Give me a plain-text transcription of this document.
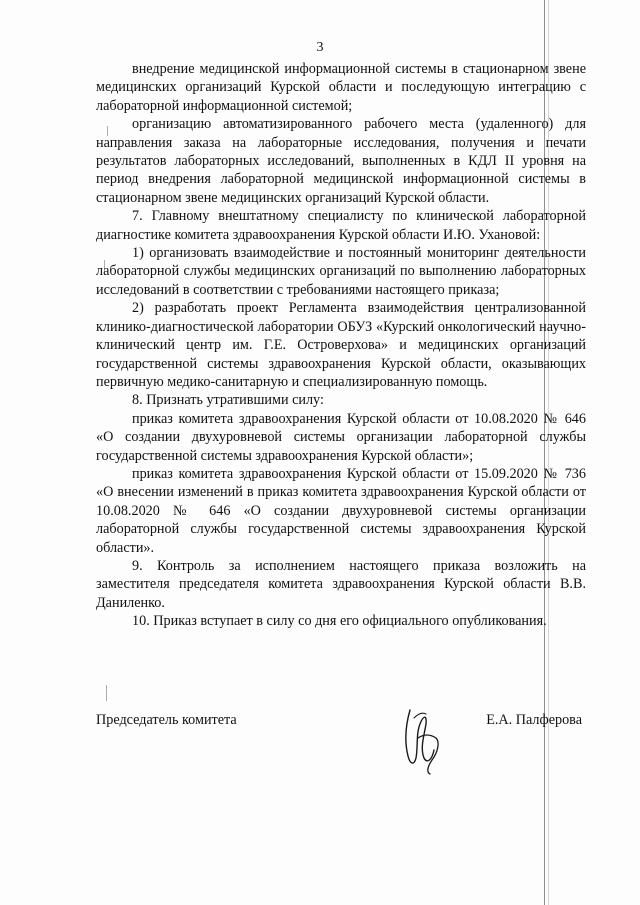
3

внедрение медицинской информационной системы в стационарном звене медицинских организаций Курской области и последующую интеграцию с лабораторной информационной системой;

организацию автоматизированного рабочего места (удаленного) для направления заказа на лабораторные исследования, получения и печати результатов лабораторных исследований, выполненных в КДЛ II уровня на период внедрения лабораторной медицинской информационной системы в стационарном звене медицинских организаций Курской области.

7. Главному внештатному специалисту по клинической лабораторной диагностике комитета здравоохранения Курской области И.Ю. Ухановой:

1) организовать взаимодействие и постоянный мониторинг деятельности лабораторной службы медицинских организаций по выполнению лабораторных исследований в соответствии с требованиями настоящего приказа;

2) разработать проект Регламента взаимодействия централизованной клинико-диагностической лаборатории ОБУЗ «Курский онкологический научно-клинический центр им. Г.Е. Островерхова» и медицинских организаций государственной системы здравоохранения Курской области, оказывающих первичную медико-санитарную и специализированную помощь.

8. Признать утратившими силу:

приказ комитета здравоохранения Курской области от 10.08.2020 № 646 «О создании двухуровневой системы организации лабораторной службы государственной системы здравоохранения Курской области»;

приказ комитета здравоохранения Курской области от 15.09.2020 № 736 «О внесении изменений в приказ комитета здравоохранения Курской области от 10.08.2020 № 646 «О создании двухуровневой системы организации лабораторной службы государственной системы здравоохранения Курской области».

9. Контроль за исполнением настоящего приказа возложить на заместителя председателя комитета здравоохранения Курской области В.В. Даниленко.

10. Приказ вступает в силу со дня его официального опубликования.

Председатель комитета	Е.А. Палферова
